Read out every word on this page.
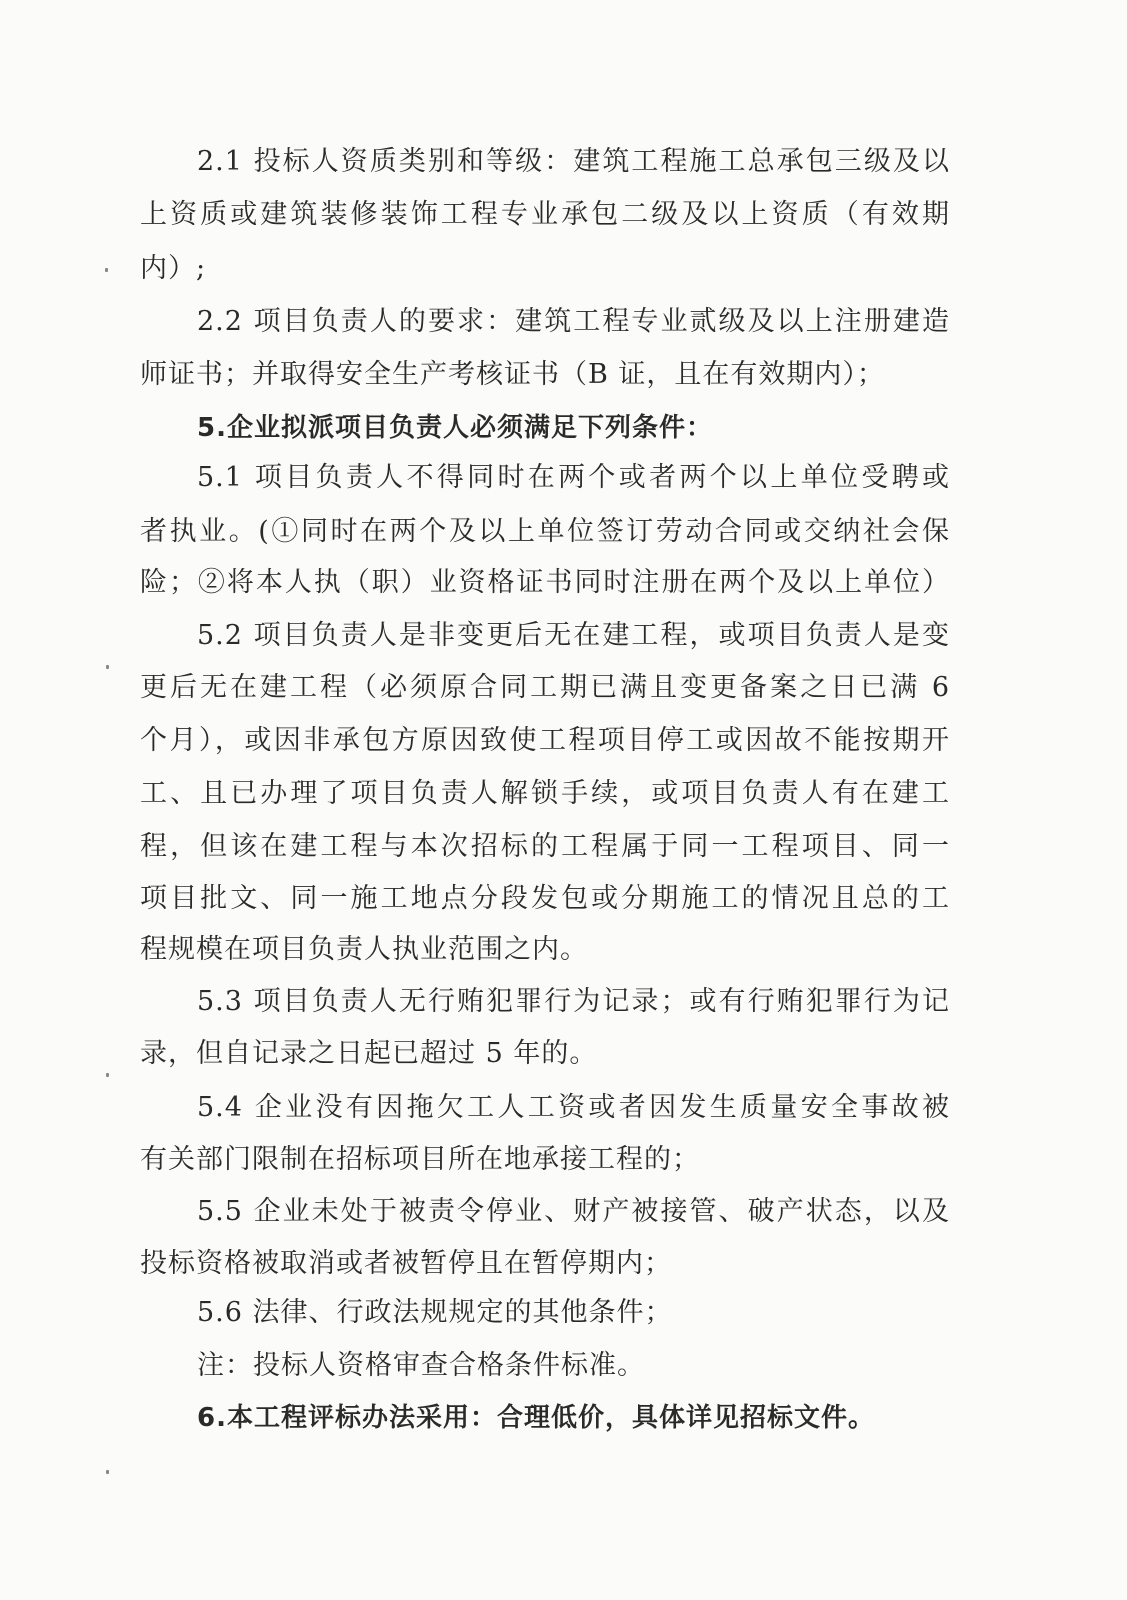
2.1 投标人资质类别和等级：建筑工程施工总承包三级及以
上资质或建筑装修装饰工程专业承包二级及以上资质（有效期
内）;
2.2 项目负责人的要求：建筑工程专业贰级及以上注册建造
师证书；并取得安全生产考核证书（B 证，且在有效期内）；
5.企业拟派项目负责人必须满足下列条件：
5.1 项目负责人不得同时在两个或者两个以上单位受聘或
者执业。(①同时在两个及以上单位签订劳动合同或交纳社会保
险；②将本人执（职）业资格证书同时注册在两个及以上单位）
5.2 项目负责人是非变更后无在建工程，或项目负责人是变
更后无在建工程（必须原合同工期已满且变更备案之日已满 6
个月），或因非承包方原因致使工程项目停工或因故不能按期开
工、且已办理了项目负责人解锁手续，或项目负责人有在建工
程，但该在建工程与本次招标的工程属于同一工程项目、同一
项目批文、同一施工地点分段发包或分期施工的情况且总的工
程规模在项目负责人执业范围之内。
5.3 项目负责人无行贿犯罪行为记录；或有行贿犯罪行为记
录，但自记录之日起已超过 5 年的。
5.4 企业没有因拖欠工人工资或者因发生质量安全事故被
有关部门限制在招标项目所在地承接工程的；
5.5 企业未处于被责令停业、财产被接管、破产状态，以及
投标资格被取消或者被暂停且在暂停期内；
5.6 法律、行政法规规定的其他条件；
注：投标人资格审查合格条件标准。
6.本工程评标办法采用：合理低价，具体详见招标文件。
